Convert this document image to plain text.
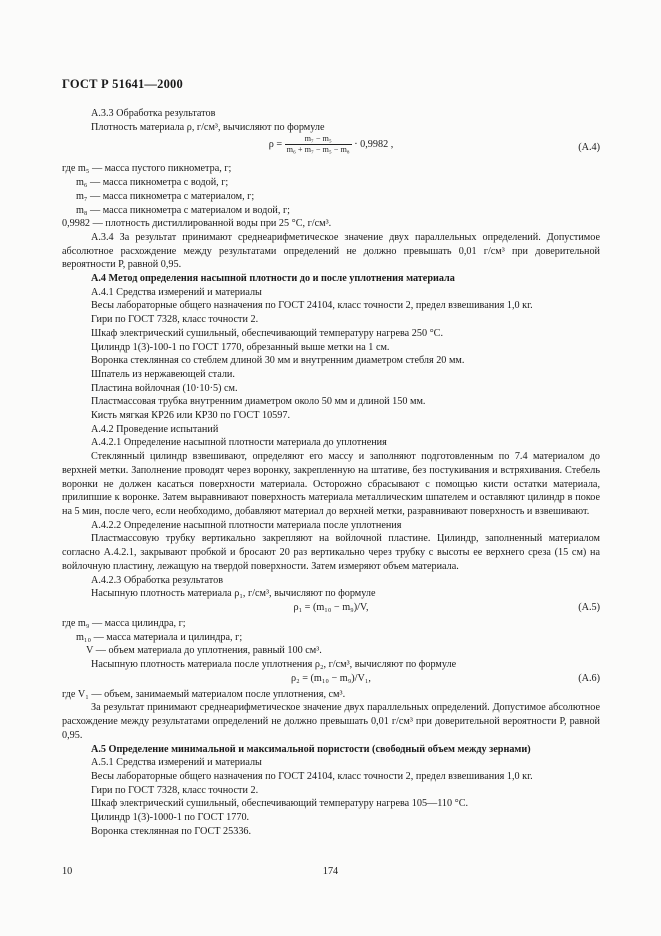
ГОСТ Р 51641—2000

А.3.3 Обработка результатов

Плотность материала ρ, г/см³, вычисляют по формуле

$\rho = \frac{\text{m₇ − m₅}}{\text{m₆ + m₇ − m₅ − m₈}} \cdot 0,9982$ ,	(А.4)

где m₅ — масса пустого пикнометра, г;

m₆ — масса пикнометра с водой, г;

m₇ — масса пикнометра с материалом, г;

m₈ — масса пикнометра с материалом и водой, г;

0,9982 — плотность дистиллированной воды при 25 °С, г/см³.

А.3.4 За результат принимают среднеарифметическое значение двух параллельных определений. Допустимое абсолютное расхождение между результатами определений не должно превышать 0,01 г/см³ при доверительной вероятности P, равной 0,95.

А.4 Метод определения насыпной плотности до и после уплотнения материала

А.4.1 Средства измерений и материалы

Весы лабораторные общего назначения по ГОСТ 24104, класс точности 2, предел взвешивания 1,0 кг.

Гири по ГОСТ 7328, класс точности 2.

Шкаф электрический сушильный, обеспечивающий температуру нагрева 250 °С.

Цилиндр 1(3)-100-1 по ГОСТ 1770, обрезанный выше метки на 1 см.

Воронка стеклянная со стеблем длиной 30 мм и внутренним диаметром стебля 20 мм.

Шпатель из нержавеющей стали.

Пластина войлочная (10·10·5) см.

Пластмассовая трубка внутренним диаметром около 50 мм и длиной 150 мм.

Кисть мягкая КР26 или КР30 по ГОСТ 10597.

А.4.2 Проведение испытаний

А.4.2.1 Определение насыпной плотности материала до уплотнения

Стеклянный цилиндр взвешивают, определяют его массу и заполняют подготовленным по 7.4 материалом до верхней метки. Заполнение проводят через воронку, закрепленную на штативе, без постукивания и встряхивания. Стебель воронки не должен касаться поверхности материала. Осторожно сбрасывают с помощью кисти остатки материала, прилипшие к воронке. Затем выравнивают поверхность материала металлическим шпателем и оставляют цилиндр в покое на 5 мин, после чего, если необходимо, добавляют материал до верхней метки, разравнивают поверхность и взвешивают.

А.4.2.2 Определение насыпной плотности материала после уплотнения

Пластмассовую трубку вертикально закрепляют на войлочной пластине. Цилиндр, заполненный материалом согласно А.4.2.1, закрывают пробкой и бросают 20 раз вертикально через трубку с высоты ее верхнего среза (15 см) на войлочную пластину, лежащую на твердой поверхности. Затем измеряют объем материала.

А.4.2.3 Обработка результатов

Насыпную плотность материала ρ₁, г/см³, вычисляют по формуле

ρ₁ = (m₁₀ − m₉)/V,	(А.5)

где m₉ — масса цилиндра, г;

m₁₀ — масса материала и цилиндра, г;

V — объем материала до уплотнения, равный 100 см³.

Насыпную плотность материала после уплотнения ρ₂, г/см³, вычисляют по формуле

ρ₂ = (m₁₀ − m₉)/V₁,	(А.6)

где V₁ — объем, занимаемый материалом после уплотнения, см³.

За результат принимают среднеарифметическое значение двух параллельных определений. Допустимое абсолютное расхождение между результатами определений не должно превышать 0,01 г/см³ при доверительной вероятности P, равной 0,95.

А.5 Определение минимальной и максимальной пористости (свободный объем между зернами)

А.5.1 Средства измерений и материалы

Весы лабораторные общего назначения по ГОСТ 24104, класс точности 2, предел взвешивания 1,0 кг.

Гири по ГОСТ 7328, класс точности 2.

Шкаф электрический сушильный, обеспечивающий температуру нагрева 105—110 °С.

Цилиндр 1(3)-1000-1 по ГОСТ 1770.

Воронка стеклянная по ГОСТ 25336.

10	174
